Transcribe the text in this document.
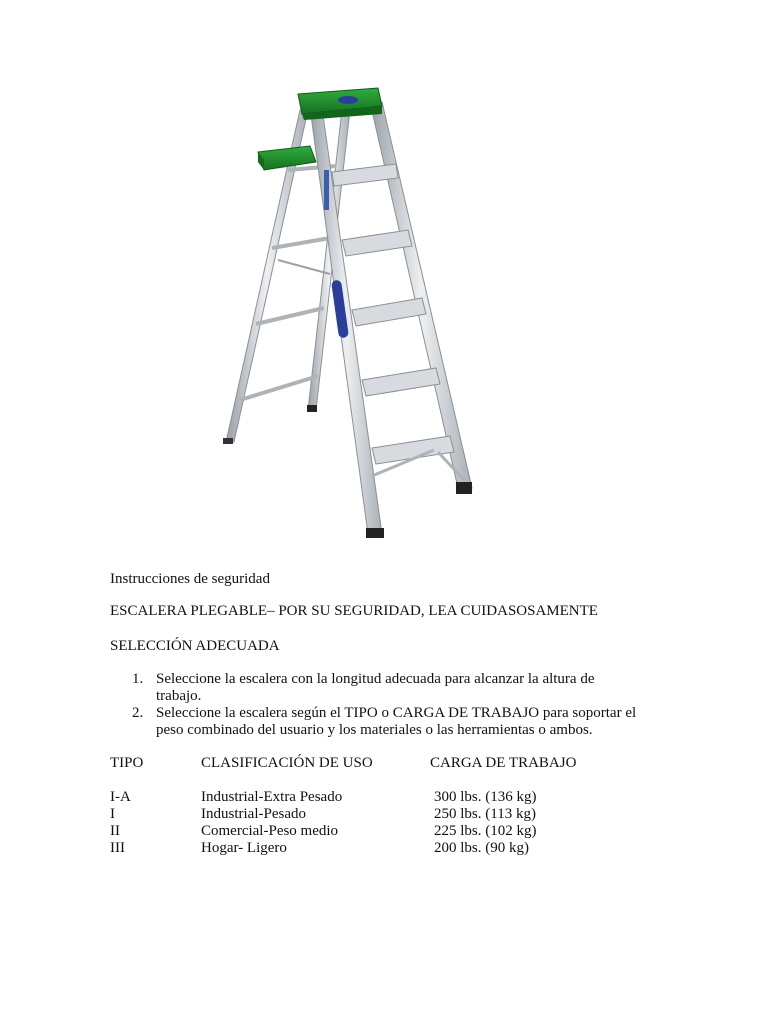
Instrucciones de seguridad
ESCALERA PLEGABLE– POR SU SEGURIDAD, LEA CUIDASOSAMENTE
SELECCIÓN ADECUADA
1. Seleccione la escalera con la longitud adecuada para alcanzar la altura de
trabajo.
2. Seleccione la escalera según el TIPO o CARGA DE TRABAJO para soportar el
peso combinado del usuario y los materiales o las herramientas o ambos.
TIPO	CLASIFICACIÓN DE USO	CARGA DE TRABAJO
I-A	Industrial-Extra Pesado	300 lbs. (136 kg)
I	Industrial-Pesado	250 lbs. (113 kg)
II	Comercial-Peso medio	225 lbs. (102 kg)
III	Hogar- Ligero	200 lbs. (90 kg)
